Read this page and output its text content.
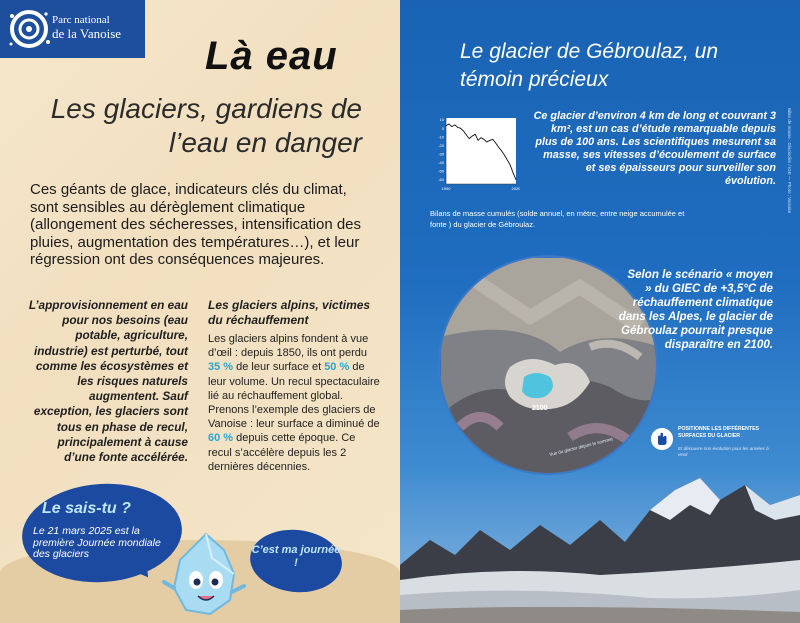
Parc national
de la Vanoise
Là eau
Les glaciers, gardiens de l’eau en danger
Ces géants de glace, indicateurs clés du climat, sont sensibles au dérèglement climatique (allongement des sécheresses, intensification des pluies, augmentation des températures…), et leur régression ont des conséquences majeures.
L’approvisionnement en eau pour nos besoins (eau potable, agriculture, industrie) est perturbé, tout comme les écosystèmes et les risques naturels augmentent. Sauf exception, les glaciers sont tous en phase de recul, principalement à cause d’une fonte accélérée.
Les glaciers alpins, victimes du réchauffement
Les glaciers alpins fondent à vue d’œil : depuis 1850, ils ont perdu 35 % de leur surface et 50 % de leur volume. Un recul spectaculaire lié au réchauffement global. Prenons l’exemple des glaciers de Vanoise : leur surface a diminué de 60 % depuis cette époque. Ce recul s’accélère depuis les 2 dernières décennies.
Le sais-tu ?
Le 21 mars 2025 est la première Journée mondiale des glaciers	C’est ma journée !
Le glacier de Gébroulaz, un témoin précieux
10
0
-10
-20
-30
-40
-50
-60
1900	2020
Ce glacier d’environ 4 km de long et couvrant 3 km², est un cas d’étude remarquable depuis plus de 100 ans. Les scientifiques mesurent sa masse, ses vitesses d’écoulement de surface et ses épaisseurs pour surveiller son évolution. Bilan de masse : Glacioclim / IGE — Photo : Vanoise
Bilans de masse cumulés (solde annuel, en mètre, entre neige accumulée et fonte ) du glacier de Gébroulaz.
2100
Vue du glacier depuis le sommet
Selon le scénario « moyen » du GIEC de +3,5°C de réchauffement climatique dans les Alpes, le glacier de Gébroulaz pourrait presque disparaître en 2100.
POSITIONNE LES DIFFÉRENTES SURFACES DU GLACIER
Et découvre son évolution pour les années à venir
